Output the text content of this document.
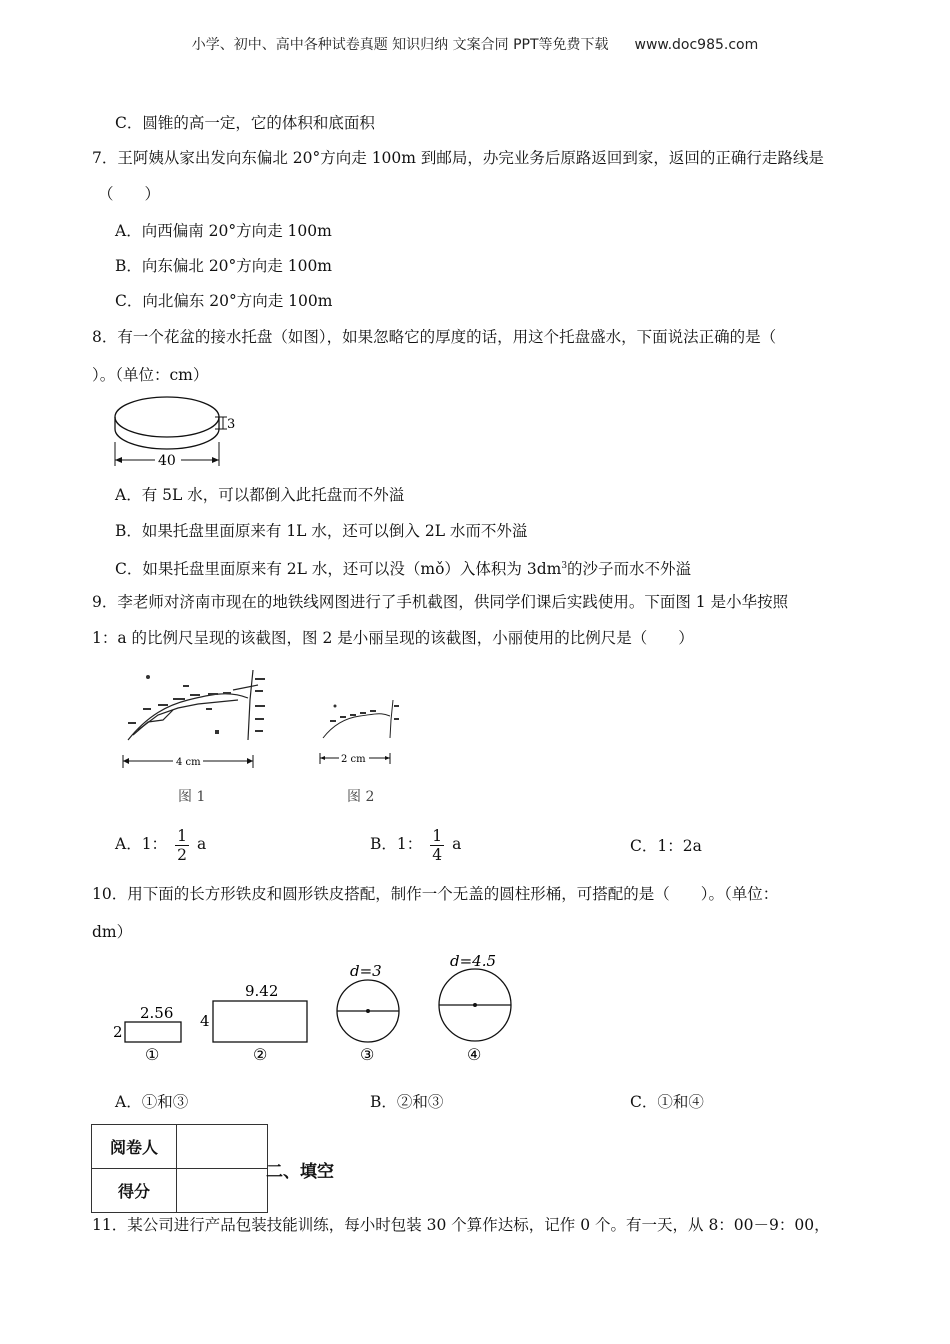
小学、初中、高中各种试卷真题 知识归纳 文案合同 PPT等免费下载 www.doc985.com
C．圆锥的高一定，它的体积和底面积
7．王阿姨从家出发向东偏北 20°方向走 100m 到邮局，办完业务后原路返回到家，返回的正确行走路线是
（　　）
A．向西偏南 20°方向走 100m
B．向东偏北 20°方向走 100m
C．向北偏东 20°方向走 100m
8．有一个花盆的接水托盘（如图），如果忽略它的厚度的话，用这个托盘盛水，下面说法正确的是（
）。（单位：cm）
3
40
A．有 5L 水，可以都倒入此托盘而不外溢
B．如果托盘里面原来有 1L 水，还可以倒入 2L 水而不外溢
C．如果托盘里面原来有 2L 水，还可以没（mǒ）入体积为 $3dm^3$的沙子而水不外溢
9．李老师对济南市现在的地铁线网图进行了手机截图，供同学们课后实践使用。下面图 1 是小华按照
1：a 的比例尺呈现的该截图，图 2 是小丽呈现的该截图，小丽使用的比例尺是（　　）
4 cm
图 1
2 cm
图 2
A．1： $\frac{1}{2}$ a	B．1： $\frac{1}{4}$ a	C．1：2a
10．用下面的长方形铁皮和圆形铁皮搭配，制作一个无盖的圆柱形桶，可搭配的是（　　）。（单位：
dm）
2.56
2
①
9.42
4
②
d=3
③
d=4.5
④
A．①和③	B．②和③	C．①和④
阅卷人	
得分	
二、填空
11．某公司进行产品包装技能训练，每小时包装 30 个算作达标，记作 0 个。有一天，从 8：00－9：00，
